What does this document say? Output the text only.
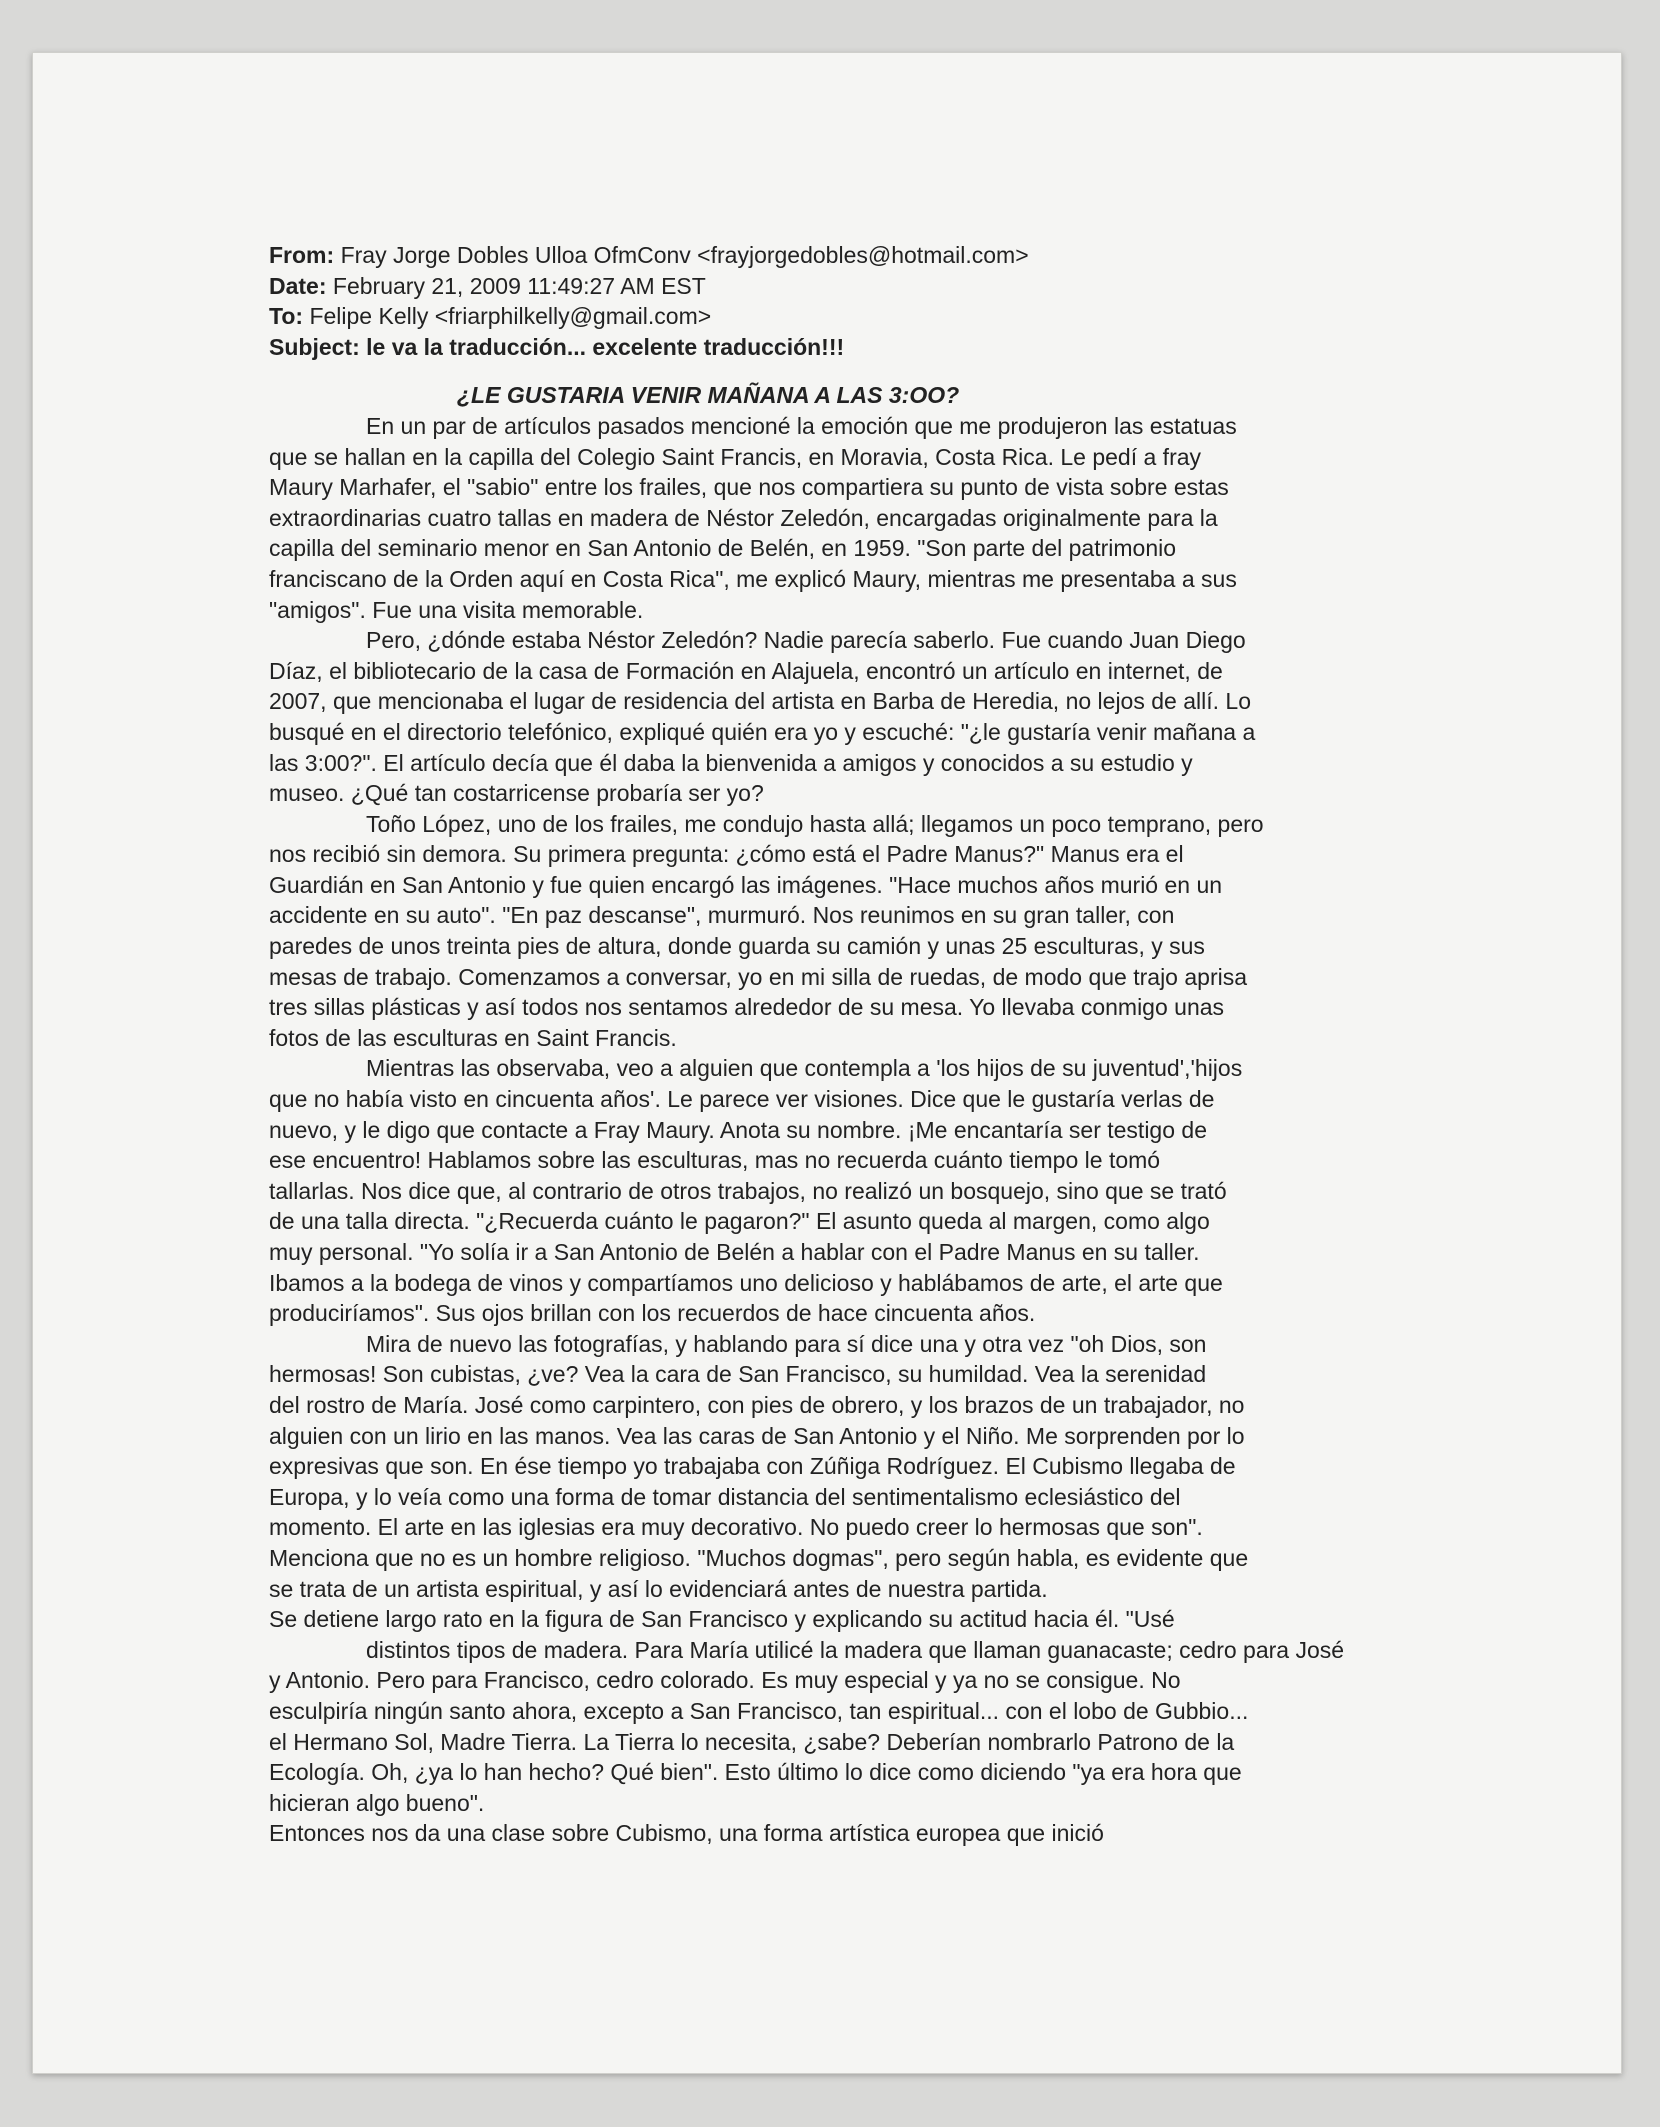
From: Fray Jorge Dobles Ulloa OfmConv <frayjorgedobles@hotmail.com>
Date: February 21, 2009 11:49:27 AM EST
To: Felipe Kelly <friarphilkelly@gmail.com>
Subject: le va la traducción... excelente traducción!!!
¿LE GUSTARIA VENIR MAÑANA A LAS 3:OO?
En un par de artículos pasados mencioné la emoción que me produjeron las estatuas
que se hallan en la capilla del Colegio Saint Francis, en Moravia, Costa Rica. Le pedí a fray
Maury Marhafer, el "sabio" entre los frailes, que nos compartiera su punto de vista sobre estas
extraordinarias cuatro tallas en madera de Néstor Zeledón, encargadas originalmente para la
capilla del seminario menor en San Antonio de Belén, en 1959. "Son parte del patrimonio
franciscano de la Orden aquí en Costa Rica", me explicó Maury, mientras me presentaba a sus
"amigos". Fue una visita memorable.
Pero, ¿dónde estaba Néstor Zeledón? Nadie parecía saberlo. Fue cuando Juan Diego
Díaz, el bibliotecario de la casa de Formación en Alajuela, encontró un artículo en internet, de
2007, que mencionaba el lugar de residencia del artista en Barba de Heredia, no lejos de allí. Lo
busqué en el directorio telefónico, expliqué quién era yo y escuché: "¿le gustaría venir mañana a
las 3:00?". El artículo decía que él daba la bienvenida a amigos y conocidos a su estudio y
museo. ¿Qué tan costarricense probaría ser yo?
Toño López, uno de los frailes, me condujo hasta allá; llegamos un poco temprano, pero
nos recibió sin demora. Su primera pregunta: ¿cómo está el Padre Manus?" Manus era el
Guardián en San Antonio y fue quien encargó las imágenes. "Hace muchos años murió en un
accidente en su auto". "En paz descanse", murmuró. Nos reunimos en su gran taller, con
paredes de unos treinta pies de altura, donde guarda su camión y unas 25 esculturas, y sus
mesas de trabajo. Comenzamos a conversar, yo en mi silla de ruedas, de modo que trajo aprisa
tres sillas plásticas y así todos nos sentamos alrededor de su mesa. Yo llevaba conmigo unas
fotos de las esculturas en Saint Francis.
Mientras las observaba, veo a alguien que contempla a 'los hijos de su juventud','hijos
que no había visto en cincuenta años'. Le parece ver visiones. Dice que le gustaría verlas de
nuevo, y le digo que contacte a Fray Maury. Anota su nombre. ¡Me encantaría ser testigo de
ese encuentro! Hablamos sobre las esculturas, mas no recuerda cuánto tiempo le tomó
tallarlas. Nos dice que, al contrario de otros trabajos, no realizó un bosquejo, sino que se trató
de una talla directa. "¿Recuerda cuánto le pagaron?" El asunto queda al margen, como algo
muy personal. "Yo solía ir a San Antonio de Belén a hablar con el Padre Manus en su taller.
Ibamos a la bodega de vinos y compartíamos uno delicioso y hablábamos de arte, el arte que
produciríamos". Sus ojos brillan con los recuerdos de hace cincuenta años.
Mira de nuevo las fotografías, y hablando para sí dice una y otra vez "oh Dios, son
hermosas! Son cubistas, ¿ve? Vea la cara de San Francisco, su humildad. Vea la serenidad
del rostro de María. José como carpintero, con pies de obrero, y los brazos de un trabajador, no
alguien con un lirio en las manos. Vea las caras de San Antonio y el Niño. Me sorprenden por lo
expresivas que son. En ése tiempo yo trabajaba con Zúñiga Rodríguez. El Cubismo llegaba de
Europa, y lo veía como una forma de tomar distancia del sentimentalismo eclesiástico del
momento. El arte en las iglesias era muy decorativo. No puedo creer lo hermosas que son".
Menciona que no es un hombre religioso. "Muchos dogmas", pero según habla, es evidente que
se trata de un artista espiritual, y así lo evidenciará antes de nuestra partida.
Se detiene largo rato en la figura de San Francisco y explicando su actitud hacia él. "Usé
distintos tipos de madera. Para María utilicé la madera que llaman guanacaste; cedro para José
y Antonio. Pero para Francisco, cedro colorado. Es muy especial y ya no se consigue. No
esculpiría ningún santo ahora, excepto a San Francisco, tan espiritual... con el lobo de Gubbio...
el Hermano Sol, Madre Tierra. La Tierra lo necesita, ¿sabe? Deberían nombrarlo Patrono de la
Ecología. Oh, ¿ya lo han hecho? Qué bien". Esto último lo dice como diciendo "ya era hora que
hicieran algo bueno".
Entonces nos da una clase sobre Cubismo, una forma artística europea que inició
